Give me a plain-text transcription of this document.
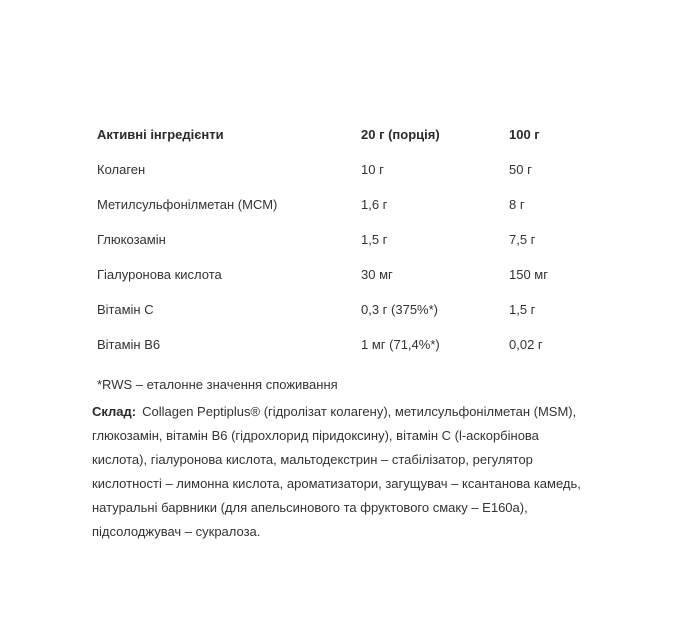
Активні інгредієнти	20 г (порція)	100 г
Колаген	10 г	50 г
Метилсульфонілметан (МСМ)	1,6 г	8 г
Глюкозамін	1,5 г	7,5 г
Гіалуронова кислота	30 мг	150 мг
Вітамін С	0,3 г (375%*)	1,5 г
Вітамін В6	1 мг (71,4%*)	0,02 г
*RWS – еталонне значення споживання
Склад: Collagen Peptiplus® (гідролізат колагену), метилсульфонілметан (MSM), глюкозамін, вітамін В6 (гідрохлорид піридоксину), вітамін С (l-аскорбінова кислота), гіалуронова кислота, мальтодекстрин – стабілізатор, регулятор кислотності – лимонна кислота, ароматизатори, загущувач – ксантанова камедь, натуральні барвники (для апельсинового та фруктового смаку – Е160а), підсолоджувач – сукралоза.
